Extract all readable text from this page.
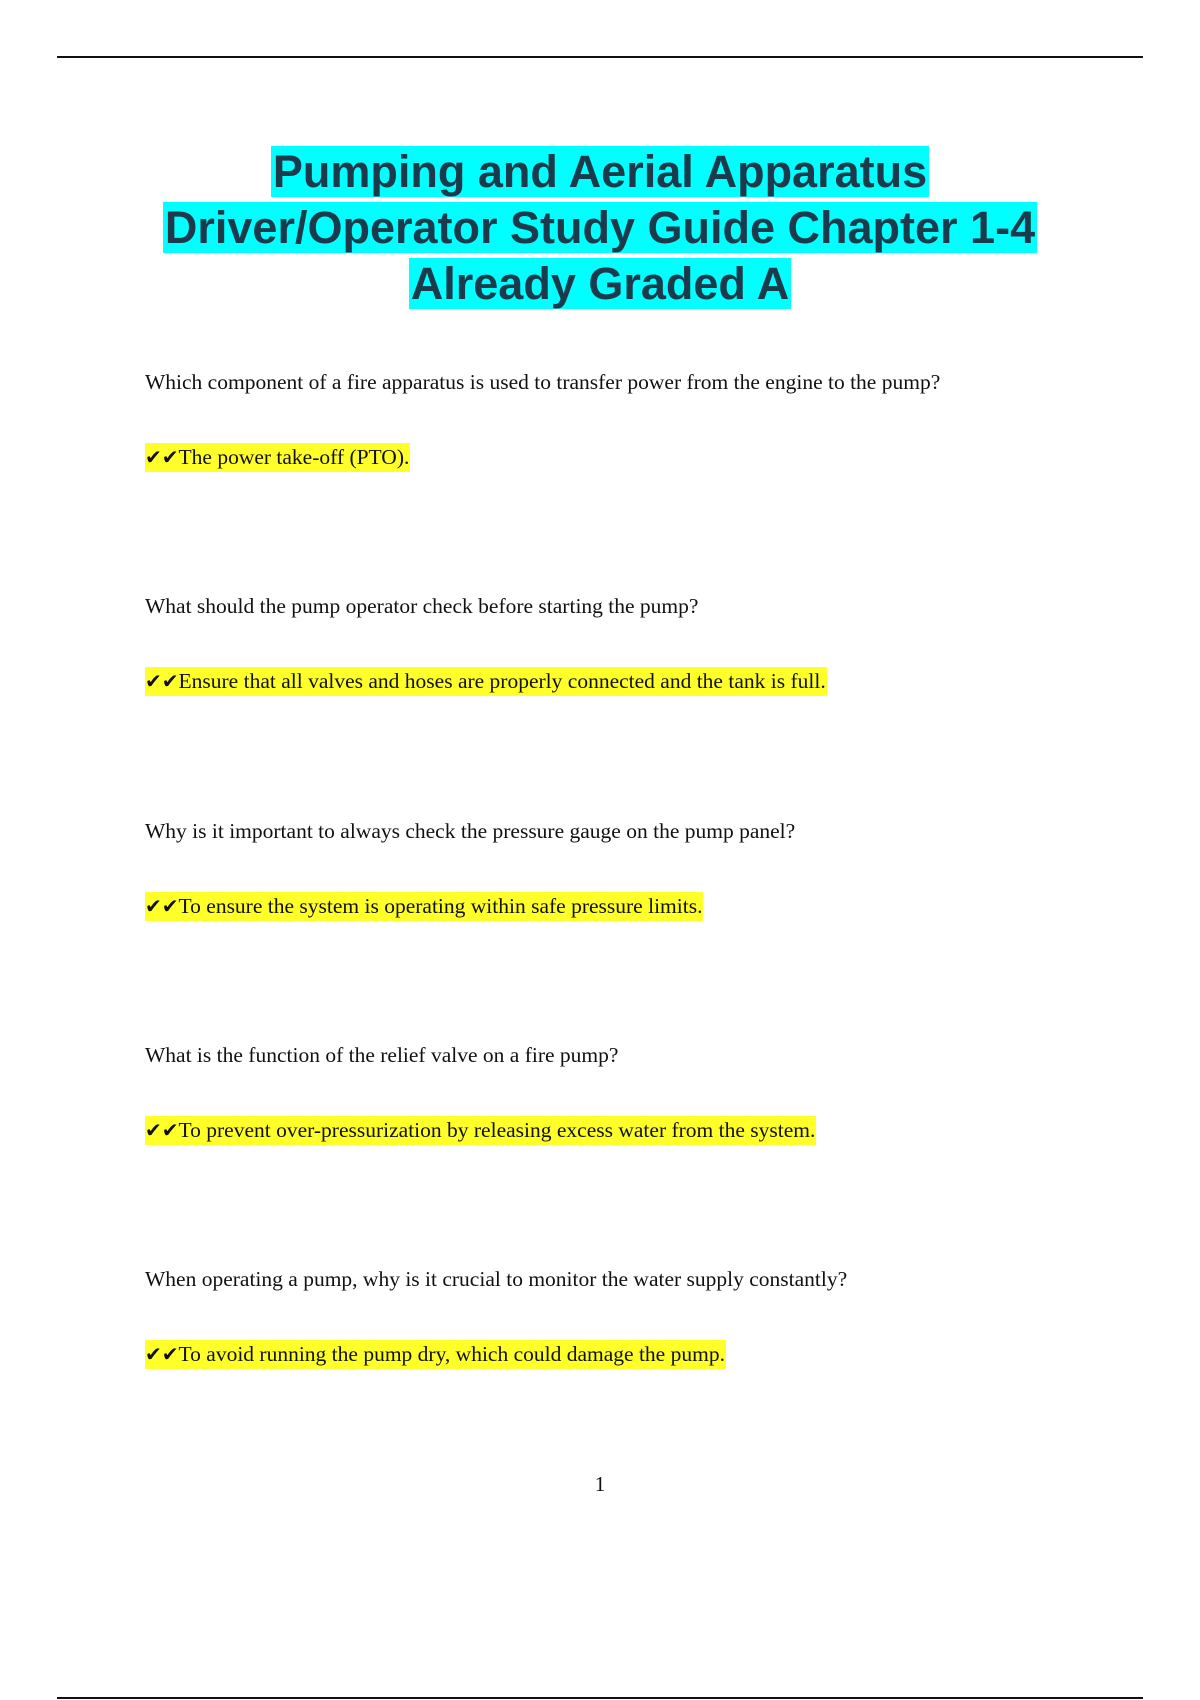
Pumping and Aerial Apparatus
Driver/Operator Study Guide Chapter 1-4
Already Graded A

Which component of a fire apparatus is used to transfer power from the engine to the pump?

✔✔The power take-off (PTO).

What should the pump operator check before starting the pump?

✔✔Ensure that all valves and hoses are properly connected and the tank is full.

Why is it important to always check the pressure gauge on the pump panel?

✔✔To ensure the system is operating within safe pressure limits.

What is the function of the relief valve on a fire pump?

✔✔To prevent over-pressurization by releasing excess water from the system.

When operating a pump, why is it crucial to monitor the water supply constantly?

✔✔To avoid running the pump dry, which could damage the pump.

1
